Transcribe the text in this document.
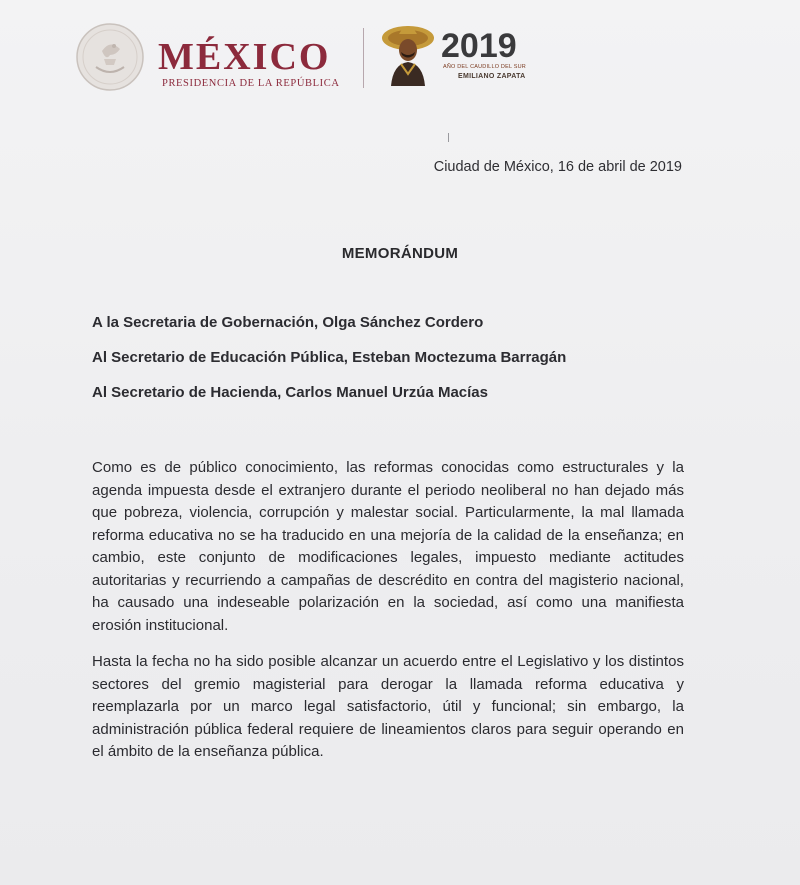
MÉXICO
PRESIDENCIA DE LA REPÚBLICA
2019
AÑO DEL CAUDILLO DEL SUR
EMILIANO ZAPATA
Ciudad de México, 16 de abril de 2019
MEMORÁNDUM

A la Secretaria de Gobernación, Olga Sánchez Cordero

Al Secretario de Educación Pública, Esteban Moctezuma Barragán

Al Secretario de Hacienda, Carlos Manuel Urzúa Macías

Como es de público conocimiento, las reformas conocidas como estructurales y la agenda impuesta desde el extranjero durante el periodo neoliberal no han dejado más que pobreza, violencia, corrupción y malestar social. Particularmente, la mal llamada reforma educativa no se ha traducido en una mejoría de la calidad de la enseñanza; en cambio, este conjunto de modificaciones legales, impuesto mediante actitudes autoritarias y recurriendo a campañas de descrédito en contra del magisterio nacional, ha causado una indeseable polarización en la sociedad, así como una manifiesta erosión institucional.

Hasta la fecha no ha sido posible alcanzar un acuerdo entre el Legislativo y los distintos sectores del gremio magisterial para derogar la llamada reforma educativa y reemplazarla por un marco legal satisfactorio, útil y funcional; sin embargo, la administración pública federal requiere de lineamientos claros para seguir operando en el ámbito de la enseñanza pública.
